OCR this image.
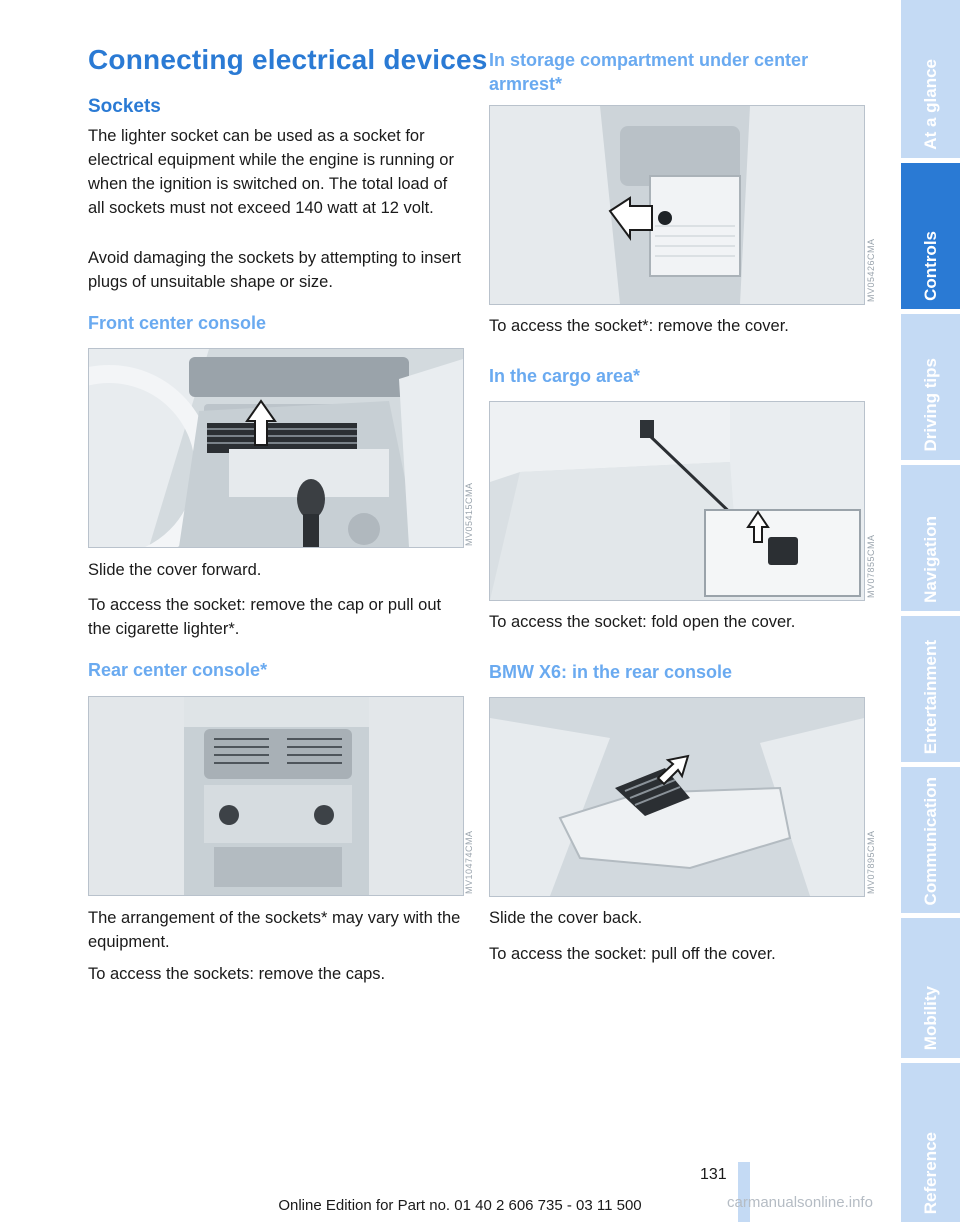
Connecting electrical devices
Sockets
The lighter socket can be used as a socket for electrical equipment while the engine is running or when the ignition is switched on. The total load of all sockets must not exceed 140 watt at 12 volt.
Avoid damaging the sockets by attempting to insert plugs of unsuitable shape or size.
Front center console
MV05415CMA
Slide the cover forward.
To access the socket: remove the cap or pull out the cigarette lighter*.
Rear center console*
MV10474CMA
The arrangement of the sockets* may vary with the equipment.
To access the sockets: remove the caps.
In storage compartment under center armrest*
MV05426CMA
To access the socket*: remove the cover.
In the cargo area*
MV07855CMA
To access the socket: fold open the cover.
BMW X6: in the rear console
MV07895CMA
Slide the cover back.
To access the socket: pull off the cover.
At a glance
Controls
Driving tips
Navigation
Entertainment
Communication
Mobility
Reference
131
Online Edition for Part no. 01 40 2 606 735 - 03 11 500	carmanualsonline.info
